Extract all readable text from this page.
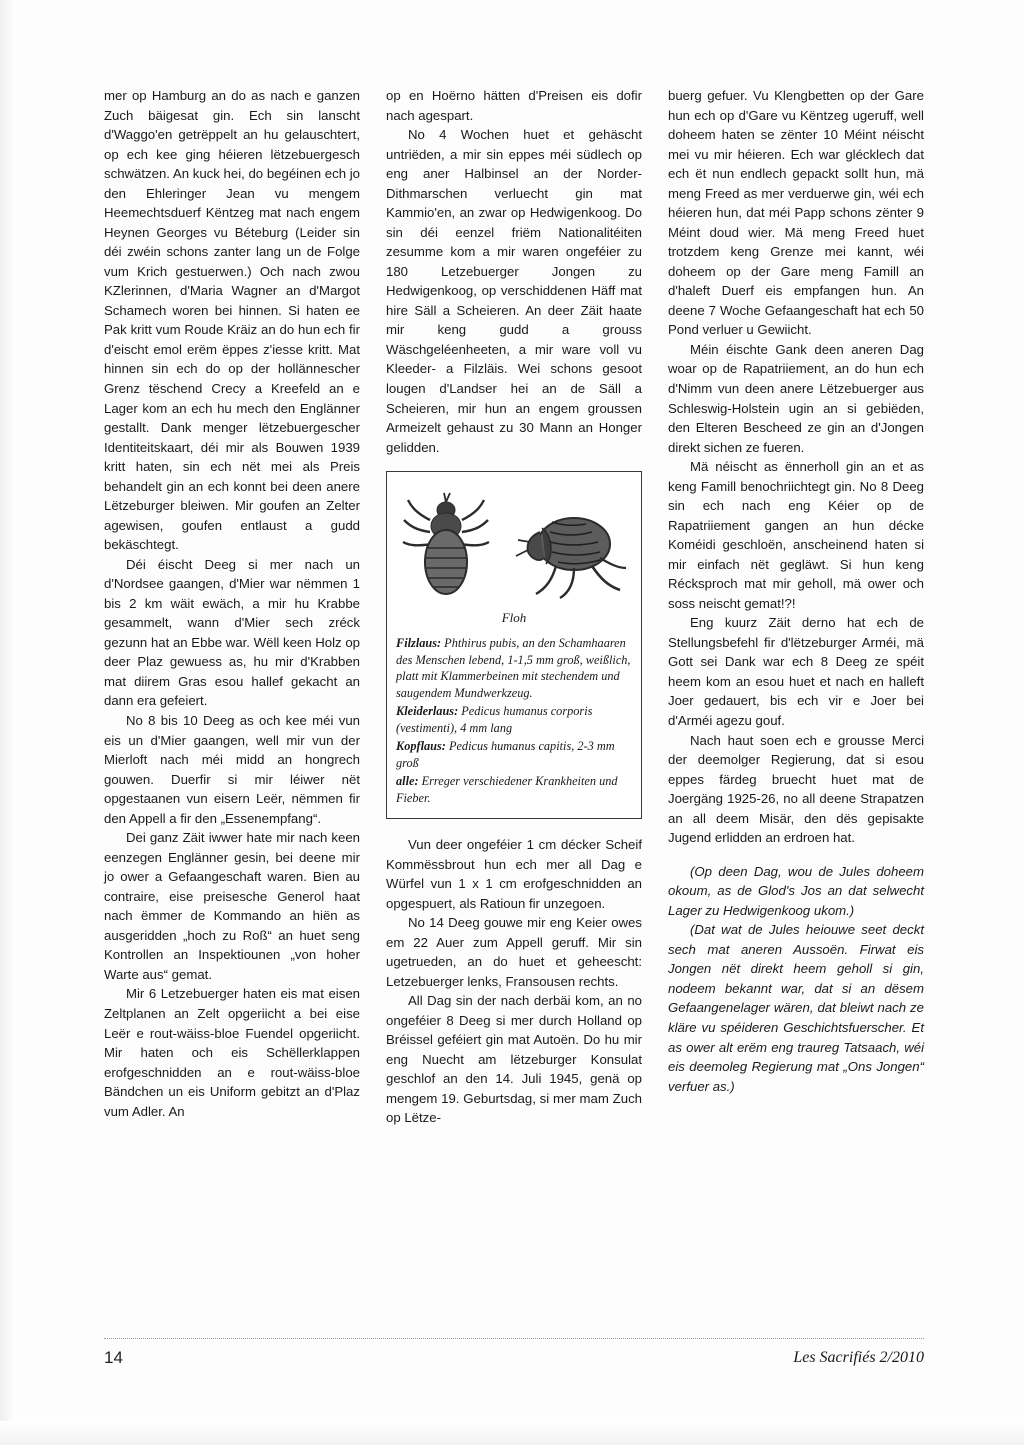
mer op Hamburg an do as nach e ganzen Zuch bäigesat gin. Ech sin lanscht d'Waggo'en getrëppelt an hu gelauschtert, op ech kee ging héieren lëtzebuergesch schwätzen. An kuck hei, do begéinen ech jo den Ehleringer Jean vu mengem Heemechtsduerf Këntzeg mat nach engem Heynen Georges vu Béteburg (Leider sin déi zwéin schons zanter lang un de Folge vum Krich gestuerwen.) Och nach zwou KZlerinnen, d'Maria Wagner an d'Margot Schamech woren bei hinnen. Si haten ee Pak kritt vum Roude Kräiz an do hun ech fir d'eischt emol erëm ëppes z'iesse kritt. Mat hinnen sin ech do op der hollännescher Grenz tëschend Crecy a Kreefeld an e Lager kom an ech hu mech den Englänner gestallt. Dank menger lëtzebuergescher Identiteitskaart, déi mir als Bouwen 1939 kritt haten, sin ech nët mei als Preis behandelt gin an ech konnt bei deen anere Lëtzeburger bleiwen. Mir goufen an Zelter agewisen, goufen entlaust a gudd bekäschtegt.

Déi éischt Deeg si mer nach un d'Nordsee gaangen, d'Mier war nëmmen 1 bis 2 km wäit ewäch, a mir hu Krabbe gesammelt, wann d'Mier sech zréck gezunn hat an Ebbe war. Wëll keen Holz op deer Plaz gewuess as, hu mir d'Krabben mat diirem Gras esou hallef gekacht an dann era gefeiert.

No 8 bis 10 Deeg as och kee méi vun eis un d'Mier gaangen, well mir vun der Mierloft nach méi midd an hongrech gouwen. Duerfir si mir léiwer nët opgestaanen vun eisern Leër, nëmmen fir den Appell a fir den „Essenempfang“.

Dei ganz Zäit iwwer hate mir nach keen eenzegen Englänner gesin, bei deene mir jo ower a Gefaangeschaft waren. Bien au contraire, eise preisesche Generol haat nach ëmmer de Kommando an hiën as ausgeridden „hoch zu Roß“ an huet seng Kontrollen an Inspektiounen „von hoher Warte aus“ gemat.

Mir 6 Letzebuerger haten eis mat eisen Zeltplanen an Zelt opgeriicht a bei eise Leër e rout-wäiss-bloe Fuendel opgeriicht. Mir haten och eis Schëllerklappen erofgeschnidden an e rout-wäiss-bloe Bändchen un eis Uniform gebitzt an d'Plaz vum Adler. An

op en Hoërno hätten d'Preisen eis dofir nach agespart.

No 4 Wochen huet et gehäscht untriëden, a mir sin eppes méi südlech op eng aner Halbinsel an der Norder-Dithmarschen verluecht gin mat Kammio'en, an zwar op Hedwigenkoog. Do sin déi eenzel friëm Nationalitéiten zesumme kom a mir waren ongeféier zu 180 Letzebuerger Jongen zu Hedwigenkoog, op verschiddenen Häff mat hire Säll a Scheieren. An deer Zäit haate mir keng gudd a grouss Wäschgeléenheeten, a mir ware voll vu Kleeder- a Filzläis. Wei schons gesoot lougen d'Landser hei an de Säll a Scheieren, mir hun an engem groussen Armeizelt gehaust zu 30 Mann an Honger gelidden.

Floh

Filzlaus: Phthirus pubis, an den Schamhaaren des Menschen lebend, 1-1,5 mm groß, weißlich, platt mit Klammerbeinen mit stechendem und saugendem Mundwerkzeug.

Kleiderlaus: Pedicus humanus corporis (vestimenti), 4 mm lang

Kopflaus: Pedicus humanus capitis, 2-3 mm groß

alle: Erreger verschiedener Krankheiten und Fieber.

Vun deer ongeféier 1 cm décker Scheif Kommëssbrout hun ech mer all Dag e Würfel vun 1 x 1 cm erofgeschnidden an opgespuert, als Ratioun fir unzegoen.

No 14 Deeg gouwe mir eng Keier owes em 22 Auer zum Appell geruff. Mir sin ugetrueden, an do huet et geheescht: Letzebuerger lenks, Fransousen rechts.

All Dag sin der nach derbäi kom, an no ongeféier 8 Deeg si mer durch Holland op Bréissel geféiert gin mat Autoën. Do hu mir eng Nuecht am lëtzeburger Konsulat geschlof an den 14. Juli 1945, genä op mengem 19. Geburtsdag, si mer mam Zuch op Lëtze-

buerg gefuer. Vu Klengbetten op der Gare hun ech op d'Gare vu Këntzeg ugeruff, well doheem haten se zënter 10 Méint néischt mei vu mir héieren. Ech war glécklech dat ech ët nun endlech gepackt sollt hun, mä meng Freed as mer verduerwe gin, wéi ech héieren hun, dat méi Papp schons zënter 9 Méint doud wier. Mä meng Freed huet trotzdem keng Grenze mei kannt, wéi doheem op der Gare meng Famill an d'haleft Duerf eis empfangen hun. An deene 7 Woche Gefaangeschaft hat ech 50 Pond verluer u Gewiicht.

Méin éischte Gank deen aneren Dag woar op de Rapatriiement, an do hun ech d'Nimm vun deen anere Lëtzebuerger aus Schleswig-Holstein ugin an si gebiëden, den Elteren Bescheed ze gin an d'Jongen direkt sichen ze fueren.

Mä néischt as ënnerholl gin an et as keng Famill benochriichtegt gin. No 8 Deeg sin ech nach eng Kéier op de Rapatriiement gangen an hun décke Koméidi geschloën, anscheinend haten si mir einfach nët gegläwt. Si hun keng Récksproch mat mir geholl, mä ower och soss neischt gemat!?!

Eng kuurz Zäit derno hat ech de Stellungsbefehl fir d'lëtzeburger Arméi, mä Gott sei Dank war ech 8 Deeg ze spéit heem kom an esou huet et nach en halleft Joer gedauert, bis ech vir e Joer bei d'Arméi agezu gouf.

Nach haut soen ech e grousse Merci der deemolger Regierung, dat si esou eppes färdeg bruecht huet mat de Joergäng 1925-26, no all deene Strapatzen an all deem Misär, den dës gepisakte Jugend erlidden an erdroen hat.

(Op deen Dag, wou de Jules doheem okoum, as de Glod's Jos an dat selwecht Lager zu Hedwigenkoog ukom.)

(Dat wat de Jules heiouwe seet deckt sech mat aneren Aussoën. Firwat eis Jongen nët direkt heem geholl si gin, nodeem bekannt war, dat si an dësem Gefaangenelager wären, dat bleiwt nach ze kläre vu spéideren Geschichtsfuerscher. Et as ower alt erëm eng traureg Tatsaach, wéi eis deemoleg Regierung mat „Ons Jongen“ verfuer as.)

14	Les Sacrifiés 2/2010
